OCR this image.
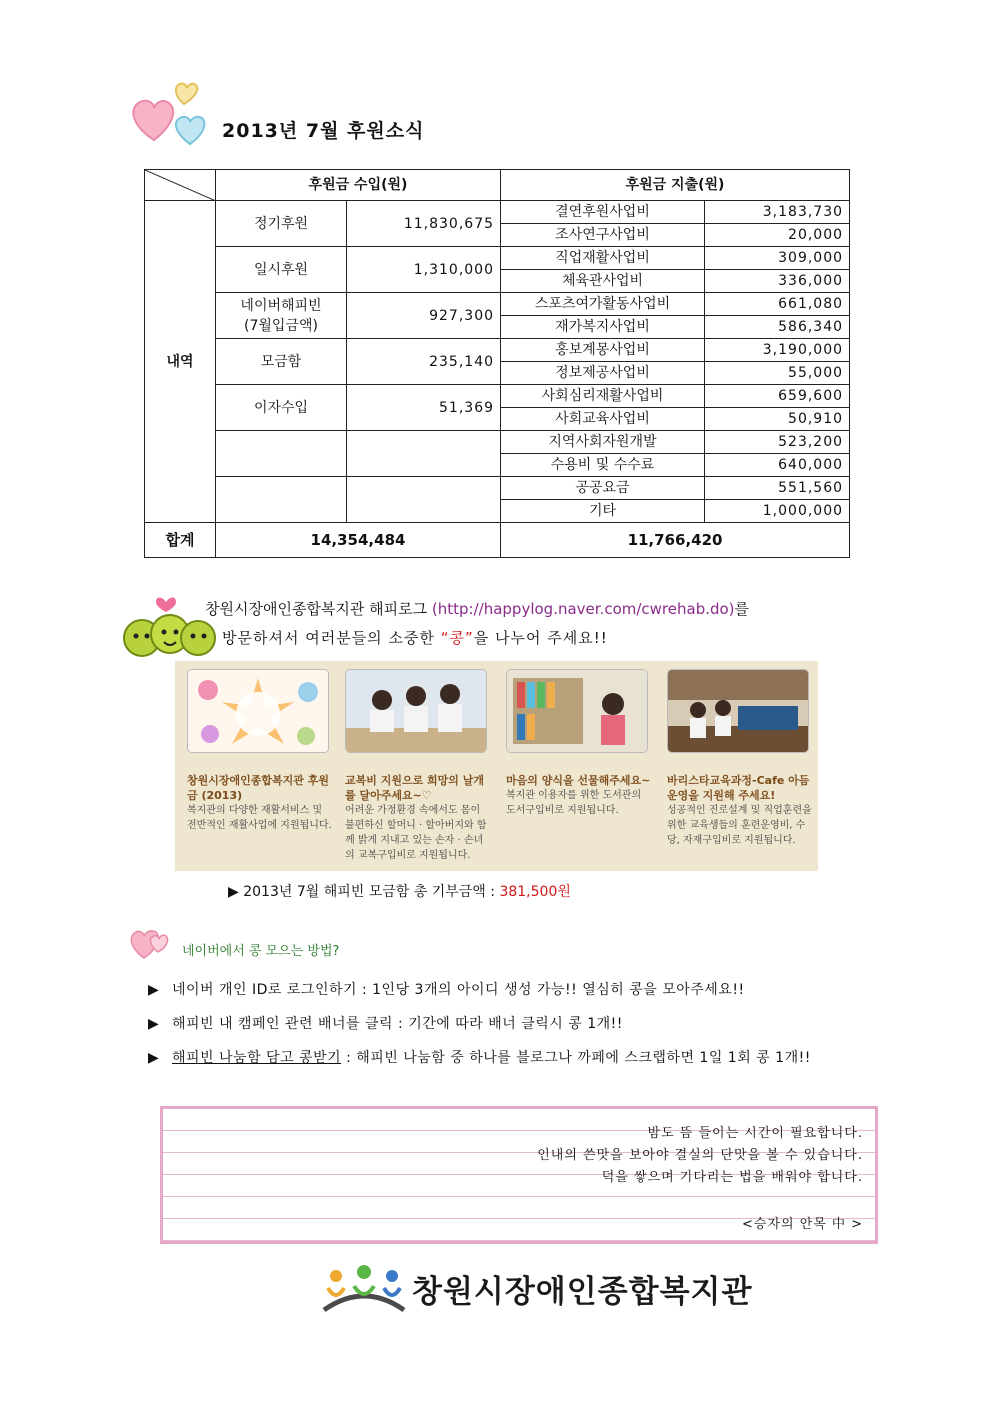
2013년 7월 후원소식
	후원금 수입(원)		후원금 지출(원)	
내역	정기후원	11,830,675	결연후원사업비	3,183,730
			조사연구사업비	20,000
	일시후원	1,310,000	직업재활사업비	309,000
			체육관사업비	336,000
	네이버해피빈
(7월입금액)	927,300	스포츠여가활동사업비	661,080
			재가복지사업비	586,340
	모금함	235,140	홍보계몽사업비	3,190,000
			정보제공사업비	55,000
	이자수입	51,369	사회심리재활사업비	659,600
			사회교육사업비	50,910
			지역사회자원개발	523,200
			수용비 및 수수료	640,000
			공공요금	551,560
			기타	1,000,000
합계	14,354,484		11,766,420	
창원시장애인종합복지관 해피로그 (http://happylog.naver.com/cwrehab.do)를
방문하셔서 여러분들의 소중한 “콩”을 나누어 주세요!!
창원시장애인종합복지관 후원금 (2013)
복지관의 다양한 재활서비스 및 전반적인 재활사업에 지원됩니다.
교복비 지원으로 희망의 날개를 달아주세요~♡
어려운 가정환경 속에서도 몸이 불편하신 할머니 · 할아버지와 함께 밝게 지내고 있는 손자 · 손녀의 교복구입비로 지원됩니다.
마음의 양식을 선물해주세요~
복지관 이용자를 위한 도서관의 도서구입비로 지원됩니다.
바리스타교육과정-Cafe 아듬 운영을 지원해 주세요!
성공적인 진로설계 및 직업훈련을 위한 교육생들의 훈련운영비, 수당, 자재구입비로 지원됩니다.
▶ 2013년 7월 해피빈 모금함 총 기부금액 : 381,500원
네이버에서 콩 모으는 방법?
▶ 네이버 개인 ID로 로그인하기 : 1인당 3개의 아이디 생성 가능!! 열심히 콩을 모아주세요!!
▶ 해피빈 내 캠페인 관련 배너를 클릭 : 기간에 따라 배너 클릭시 콩 1개!!
▶ 해피빈 나눔함 담고 콩받기 : 해피빈 나눔함 중 하나를 블로그나 까페에 스크랩하면 1일 1회 콩 1개!!
밤도 뜸 들이는 시간이 필요합니다.
인내의 쓴맛을 보아야 결실의 단맛을 볼 수 있습니다.
덕을 쌓으며 기다리는 법을 배워야 합니다.
<승자의 안목 中 >
창원시장애인종합복지관
